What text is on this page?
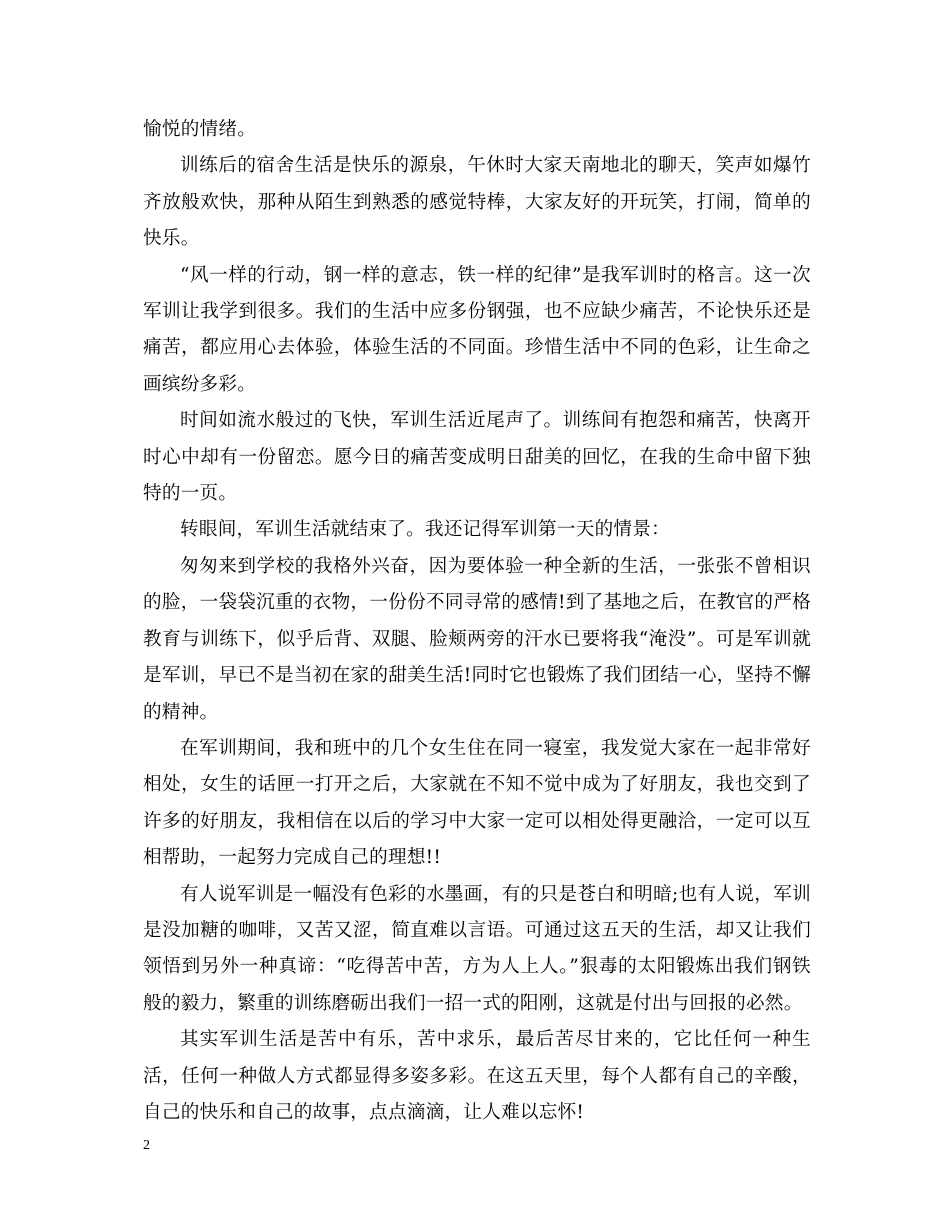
愉悦的情绪。

训练后的宿舍生活是快乐的源泉，午休时大家天南地北的聊天，笑声如爆竹齐放般欢快，那种从陌生到熟悉的感觉特棒，大家友好的开玩笑，打闹，简单的快乐。

“风一样的行动，钢一样的意志，铁一样的纪律”是我军训时的格言。这一次军训让我学到很多。我们的生活中应多份钢强，也不应缺少痛苦，不论快乐还是痛苦，都应用心去体验，体验生活的不同面。珍惜生活中不同的色彩，让生命之画缤纷多彩。

时间如流水般过的飞快，军训生活近尾声了。训练间有抱怨和痛苦，快离开时心中却有一份留恋。愿今日的痛苦变成明日甜美的回忆，在我的生命中留下独特的一页。

转眼间，军训生活就结束了。我还记得军训第一天的情景：

匆匆来到学校的我格外兴奋，因为要体验一种全新的生活，一张张不曾相识的脸，一袋袋沉重的衣物，一份份不同寻常的感情!到了基地之后，在教官的严格教育与训练下，似乎后背、双腿、脸颊两旁的汗水已要将我“淹没”。可是军训就是军训，早已不是当初在家的甜美生活!同时它也锻炼了我们团结一心，坚持不懈的精神。

在军训期间，我和班中的几个女生住在同一寝室，我发觉大家在一起非常好相处，女生的话匣一打开之后，大家就在不知不觉中成为了好朋友，我也交到了许多的好朋友，我相信在以后的学习中大家一定可以相处得更融洽，一定可以互相帮助，一起努力完成自己的理想!!

有人说军训是一幅没有色彩的水墨画，有的只是苍白和明暗;也有人说，军训是没加糖的咖啡，又苦又涩，简直难以言语。可通过这五天的生活，却又让我们领悟到另外一种真谛：“吃得苦中苦，方为人上人。”狠毒的太阳锻炼出我们钢铁般的毅力，繁重的训练磨砺出我们一招一式的阳刚，这就是付出与回报的必然。

其实军训生活是苦中有乐，苦中求乐，最后苦尽甘来的，它比任何一种生活，任何一种做人方式都显得多姿多彩。在这五天里，每个人都有自己的辛酸，自己的快乐和自己的故事，点点滴滴，让人难以忘怀!

2
